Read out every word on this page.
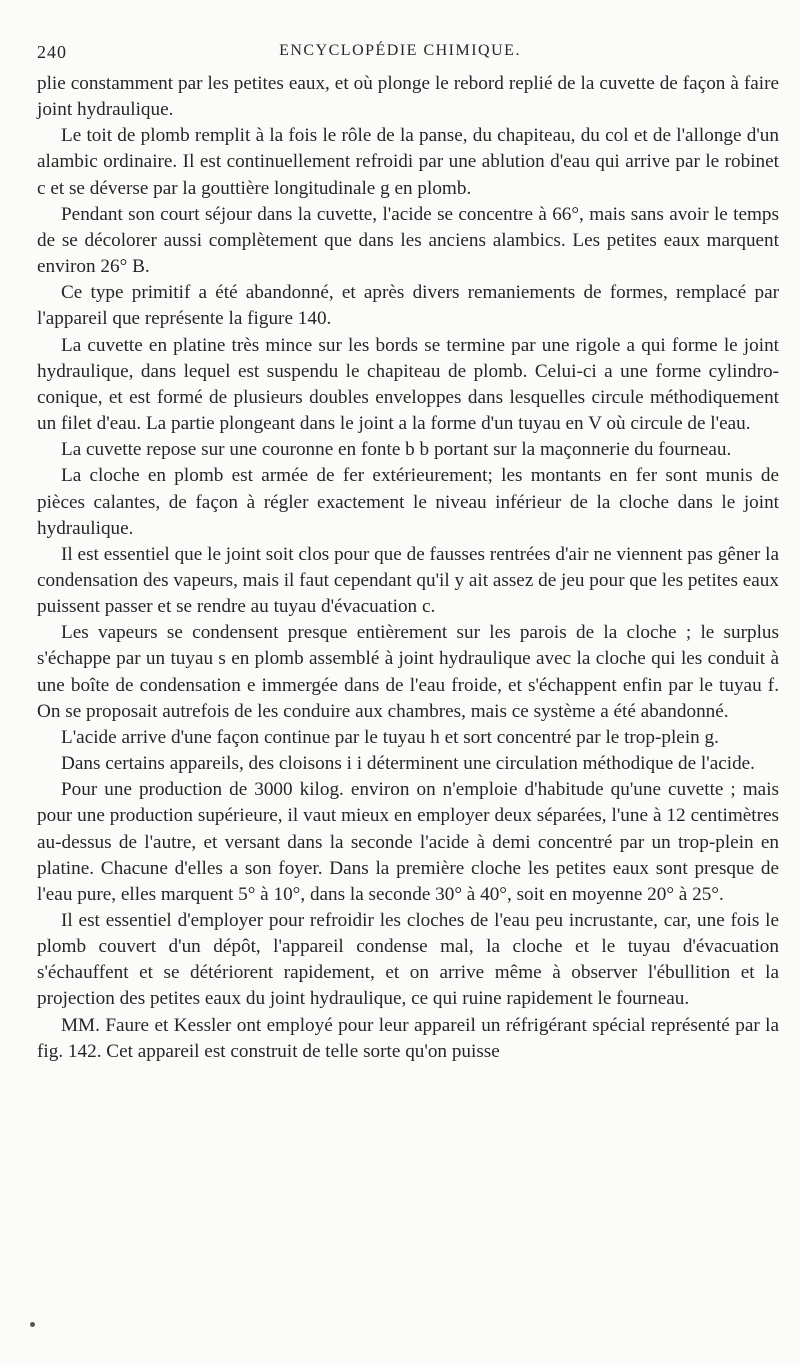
240	ENCYCLOPÉDIE CHIMIQUE.

plie constamment par les petites eaux, et où plonge le rebord replié de la cuvette de façon à faire joint hydraulique.

Le toit de plomb remplit à la fois le rôle de la panse, du chapiteau, du col et de l'allonge d'un alambic ordinaire. Il est continuellement refroidi par une ablution d'eau qui arrive par le robinet c et se déverse par la gouttière longitudinale g en plomb.

Pendant son court séjour dans la cuvette, l'acide se concentre à 66°, mais sans avoir le temps de se décolorer aussi complètement que dans les anciens alambics. Les petites eaux marquent environ 26° B.

Ce type primitif a été abandonné, et après divers remaniements de formes, remplacé par l'appareil que représente la figure 140.

La cuvette en platine très mince sur les bords se termine par une rigole a qui forme le joint hydraulique, dans lequel est suspendu le chapiteau de plomb. Celui-ci a une forme cylindro-conique, et est formé de plusieurs doubles enveloppes dans lesquelles circule méthodiquement un filet d'eau. La partie plongeant dans le joint a la forme d'un tuyau en V où circule de l'eau.

La cuvette repose sur une couronne en fonte b b portant sur la maçonnerie du fourneau.

La cloche en plomb est armée de fer extérieurement; les montants en fer sont munis de pièces calantes, de façon à régler exactement le niveau inférieur de la cloche dans le joint hydraulique.

Il est essentiel que le joint soit clos pour que de fausses rentrées d'air ne viennent pas gêner la condensation des vapeurs, mais il faut cependant qu'il y ait assez de jeu pour que les petites eaux puissent passer et se rendre au tuyau d'évacuation c.

Les vapeurs se condensent presque entièrement sur les parois de la cloche ; le surplus s'échappe par un tuyau s en plomb assemblé à joint hydraulique avec la cloche qui les conduit à une boîte de condensation e immergée dans de l'eau froide, et s'échappent enfin par le tuyau f. On se proposait autrefois de les conduire aux chambres, mais ce système a été abandonné.

L'acide arrive d'une façon continue par le tuyau h et sort concentré par le trop-plein g.

Dans certains appareils, des cloisons i i déterminent une circulation méthodique de l'acide.

Pour une production de 3000 kilog. environ on n'emploie d'habitude qu'une cuvette ; mais pour une production supérieure, il vaut mieux en employer deux séparées, l'une à 12 centimètres au-dessus de l'autre, et versant dans la seconde l'acide à demi concentré par un trop-plein en platine. Chacune d'elles a son foyer. Dans la première cloche les petites eaux sont presque de l'eau pure, elles marquent 5° à 10°, dans la seconde 30° à 40°, soit en moyenne 20° à 25°.

Il est essentiel d'employer pour refroidir les cloches de l'eau peu incrustante, car, une fois le plomb couvert d'un dépôt, l'appareil condense mal, la cloche et le tuyau d'évacuation s'échauffent et se détériorent rapidement, et on arrive même à observer l'ébullition et la projection des petites eaux du joint hydraulique, ce qui ruine rapidement le fourneau.

MM. Faure et Kessler ont employé pour leur appareil un réfrigérant spécial représenté par la fig. 142. Cet appareil est construit de telle sorte qu'on puisse
